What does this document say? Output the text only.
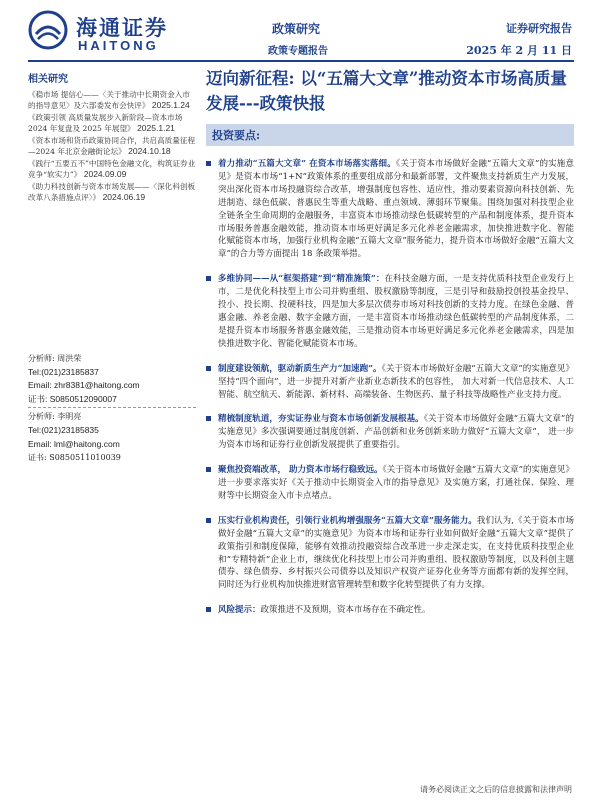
海通证券
HAITONG
政策研究
政策专题报告
证券研究报告
2025 年 2 月 11 日
相关研究
《稳市场 提信心——〈关于推动中长期资金入市的指导意见〉及六部委发布会快评》 2025.1.24
《政策引领 高质量发展步入新阶段—资本市场 2024 年复盘及 2025 年展望》 2025.1.21
《资本市场和货币政策协同合作，共启高质量征程—2024 年北京金融街论坛》 2024.10.18
《践行“五要五不”中国特色金融文化，构筑证券业竞争“软实力”》 2024.09.09
《助力科技创新与资本市场发展——〈深化科创板改革八条措施点评〉》 2024.06.19
分析师: 周洪荣
Tel:(021)23185837
Email: zhr8381@haitong.com
证书: S0850512090007
分析师: 李明亮
Tel:(021)23185835
Email: lml@haitong.com
证书: S0850511010039
迈向新征程: 以“五篇大文章”推动资本市场高质量发展---政策快报
投资要点:
着力推动“五篇大文章” 在资本市场落实落细。《关于资本市场做好金融“五篇大文章”的实施意见》是资本市场“1+N”政策体系的重要组成部分和最新部署，文件聚焦支持新质生产力发展，突出深化资本市场投融资综合改革，增强制度包容性、适应性，推动要素资源向科技创新、先进制造、绿色低碳、普惠民生等重大战略、重点领域、薄弱环节聚集。围绕加强对科技型企业全链条全生命周期的金融服务，丰富资本市场推动绿色低碳转型的产品和制度体系，提升资本市场服务普惠金融效能，推动资本市场更好满足多元化养老金融需求，加快推进数字化、智能化赋能资本市场，加强行业机构金融“五篇大文章”服务能力，提升资本市场做好金融“五篇大文章”的合力等方面提出 18 条政策举措。
多维协同——从“框架搭建”到“精准施策”：在科技金融方面，一是支持优质科技型企业发行上市，二是优化科技型上市公司并购重组、股权激励等制度，三是引导和鼓励投创投基金投早、投小、投长期、投硬科技，四是加大多层次债券市场对科技创新的支持力度。在绿色金融、普惠金融、养老金融、数字金融方面，一是丰富资本市场推动绿色低碳转型的产品制度体系，二是提升资本市场服务普惠金融效能，三是推动资本市场更好满足多元化养老金融需求，四是加快推进数字化、智能化赋能资本市场。
制度建设领航，驱动新质生产力“加速跑”。《关于资本市场做好金融“五篇大文章”的实施意见》 坚持“四个面向”，进一步提升对新产业新业态新技术的包容性， 加大对新一代信息技术、人工智能、航空航天、新能源、新材料、高端装备、生物医药、量子科技等战略性产业支持力度。
精梳制度轨道，夯实证券业与资本市场创新发展根基。《关于资本市场做好金融“五篇大文章”的实施意见》多次强调要通过制度创新、产品创新和业务创新来助力做好“五篇大文章”， 进一步为资本市场和证券行业创新发展提供了重要指引。
聚焦投资端改革， 助力资本市场行稳致远。《关于资本市场做好金融“五篇大文章”的实施意见》 进一步要求落实好《关于推动中长期资金入市的指导意见》及实施方案，打通社保、保险、理财等中长期资金入市卡点堵点。
压实行业机构责任，引领行业机构增强服务“五篇大文章”服务能力。我们认为,《关于资本市场做好金融“五篇大文章”的实施意见》为资本市场和证券行业如何做好金融“五篇大文章”提供了政策指引和制度保障，能够有效推动投融资综合改革进一步走深走实，在支持优质科技型企业和“专精特新”企业上市，继续优化科技型上市公司并购重组、股权激励等制度，以及科创主题债券、绿色债券、乡村振兴公司债券以及知识产权资产证券化业务等方面都有新的发挥空间，同时还为行业机构加快推进财富管理转型和数字化转型提供了有力支撑。
风险提示：政策推进不及预期，资本市场存在不确定性。
请务必阅读正文之后的信息披露和法律声明
